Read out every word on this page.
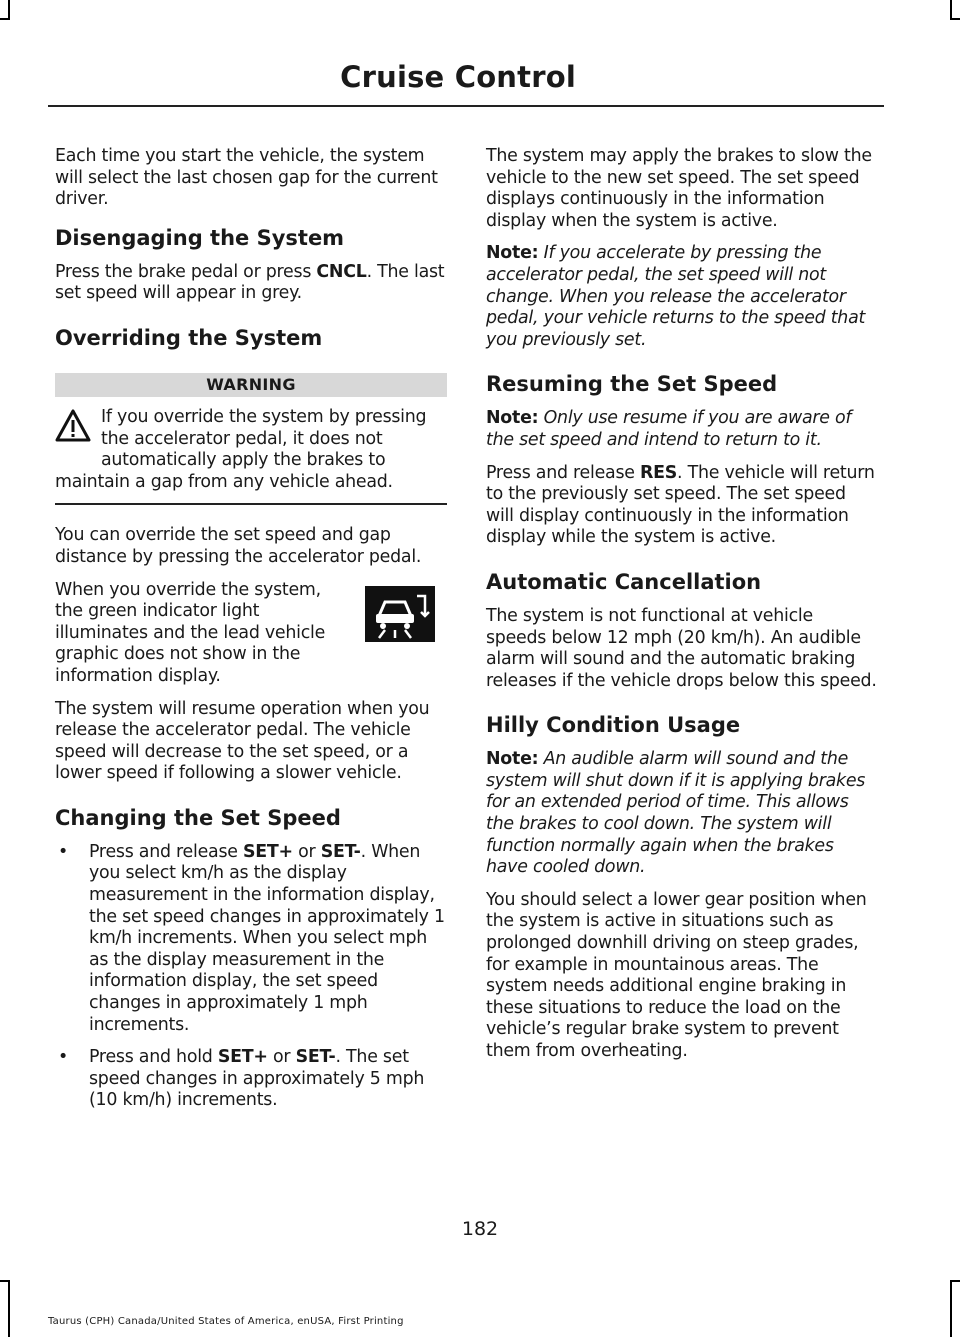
Cruise Control

Each time you start the vehicle, the system will select the last chosen gap for the current driver.

Disengaging the System

Press the brake pedal or press CNCL. The last set speed will appear in grey.

Overriding the System
WARNING
If you override the system by pressing the accelerator pedal, it does not automatically apply the brakes to maintain a gap from any vehicle ahead.

You can override the set speed and gap distance by pressing the accelerator pedal.

When you override the system, the green indicator light illuminates and the lead vehicle graphic does not show in the information display.

The system will resume operation when you release the accelerator pedal. The vehicle speed will decrease to the set speed, or a lower speed if following a slower vehicle.

Changing the Set Speed
• Press and release SET+ or SET-. When you select km/h as the display measurement in the information display, the set speed changes in approximately 1 km/h increments. When you select mph as the display measurement in the information display, the set speed changes in approximately 1 mph increments.
• Press and hold SET+ or SET-. The set speed changes in approximately 5 mph (10 km/h) increments.

The system may apply the brakes to slow the vehicle to the new set speed. The set speed displays continuously in the information display when the system is active.

Note: If you accelerate by pressing the accelerator pedal, the set speed will not change. When you release the accelerator pedal, your vehicle returns to the speed that you previously set.

Resuming the Set Speed

Note: Only use resume if you are aware of the set speed and intend to return to it.

Press and release RES. The vehicle will return to the previously set speed. The set speed will display continuously in the information display while the system is active.

Automatic Cancellation

The system is not functional at vehicle speeds below 12 mph (20 km/h). An audible alarm will sound and the automatic braking releases if the vehicle drops below this speed.

Hilly Condition Usage

Note: An audible alarm will sound and the system will shut down if it is applying brakes for an extended period of time. This allows the brakes to cool down. The system will function normally again when the brakes have cooled down.

You should select a lower gear position when the system is active in situations such as prolonged downhill driving on steep grades, for example in mountainous areas. The system needs additional engine braking in these situations to reduce the load on the vehicle’s regular brake system to prevent them from overheating.

182
Taurus (CPH) Canada/United States of America, enUSA, First Printing
